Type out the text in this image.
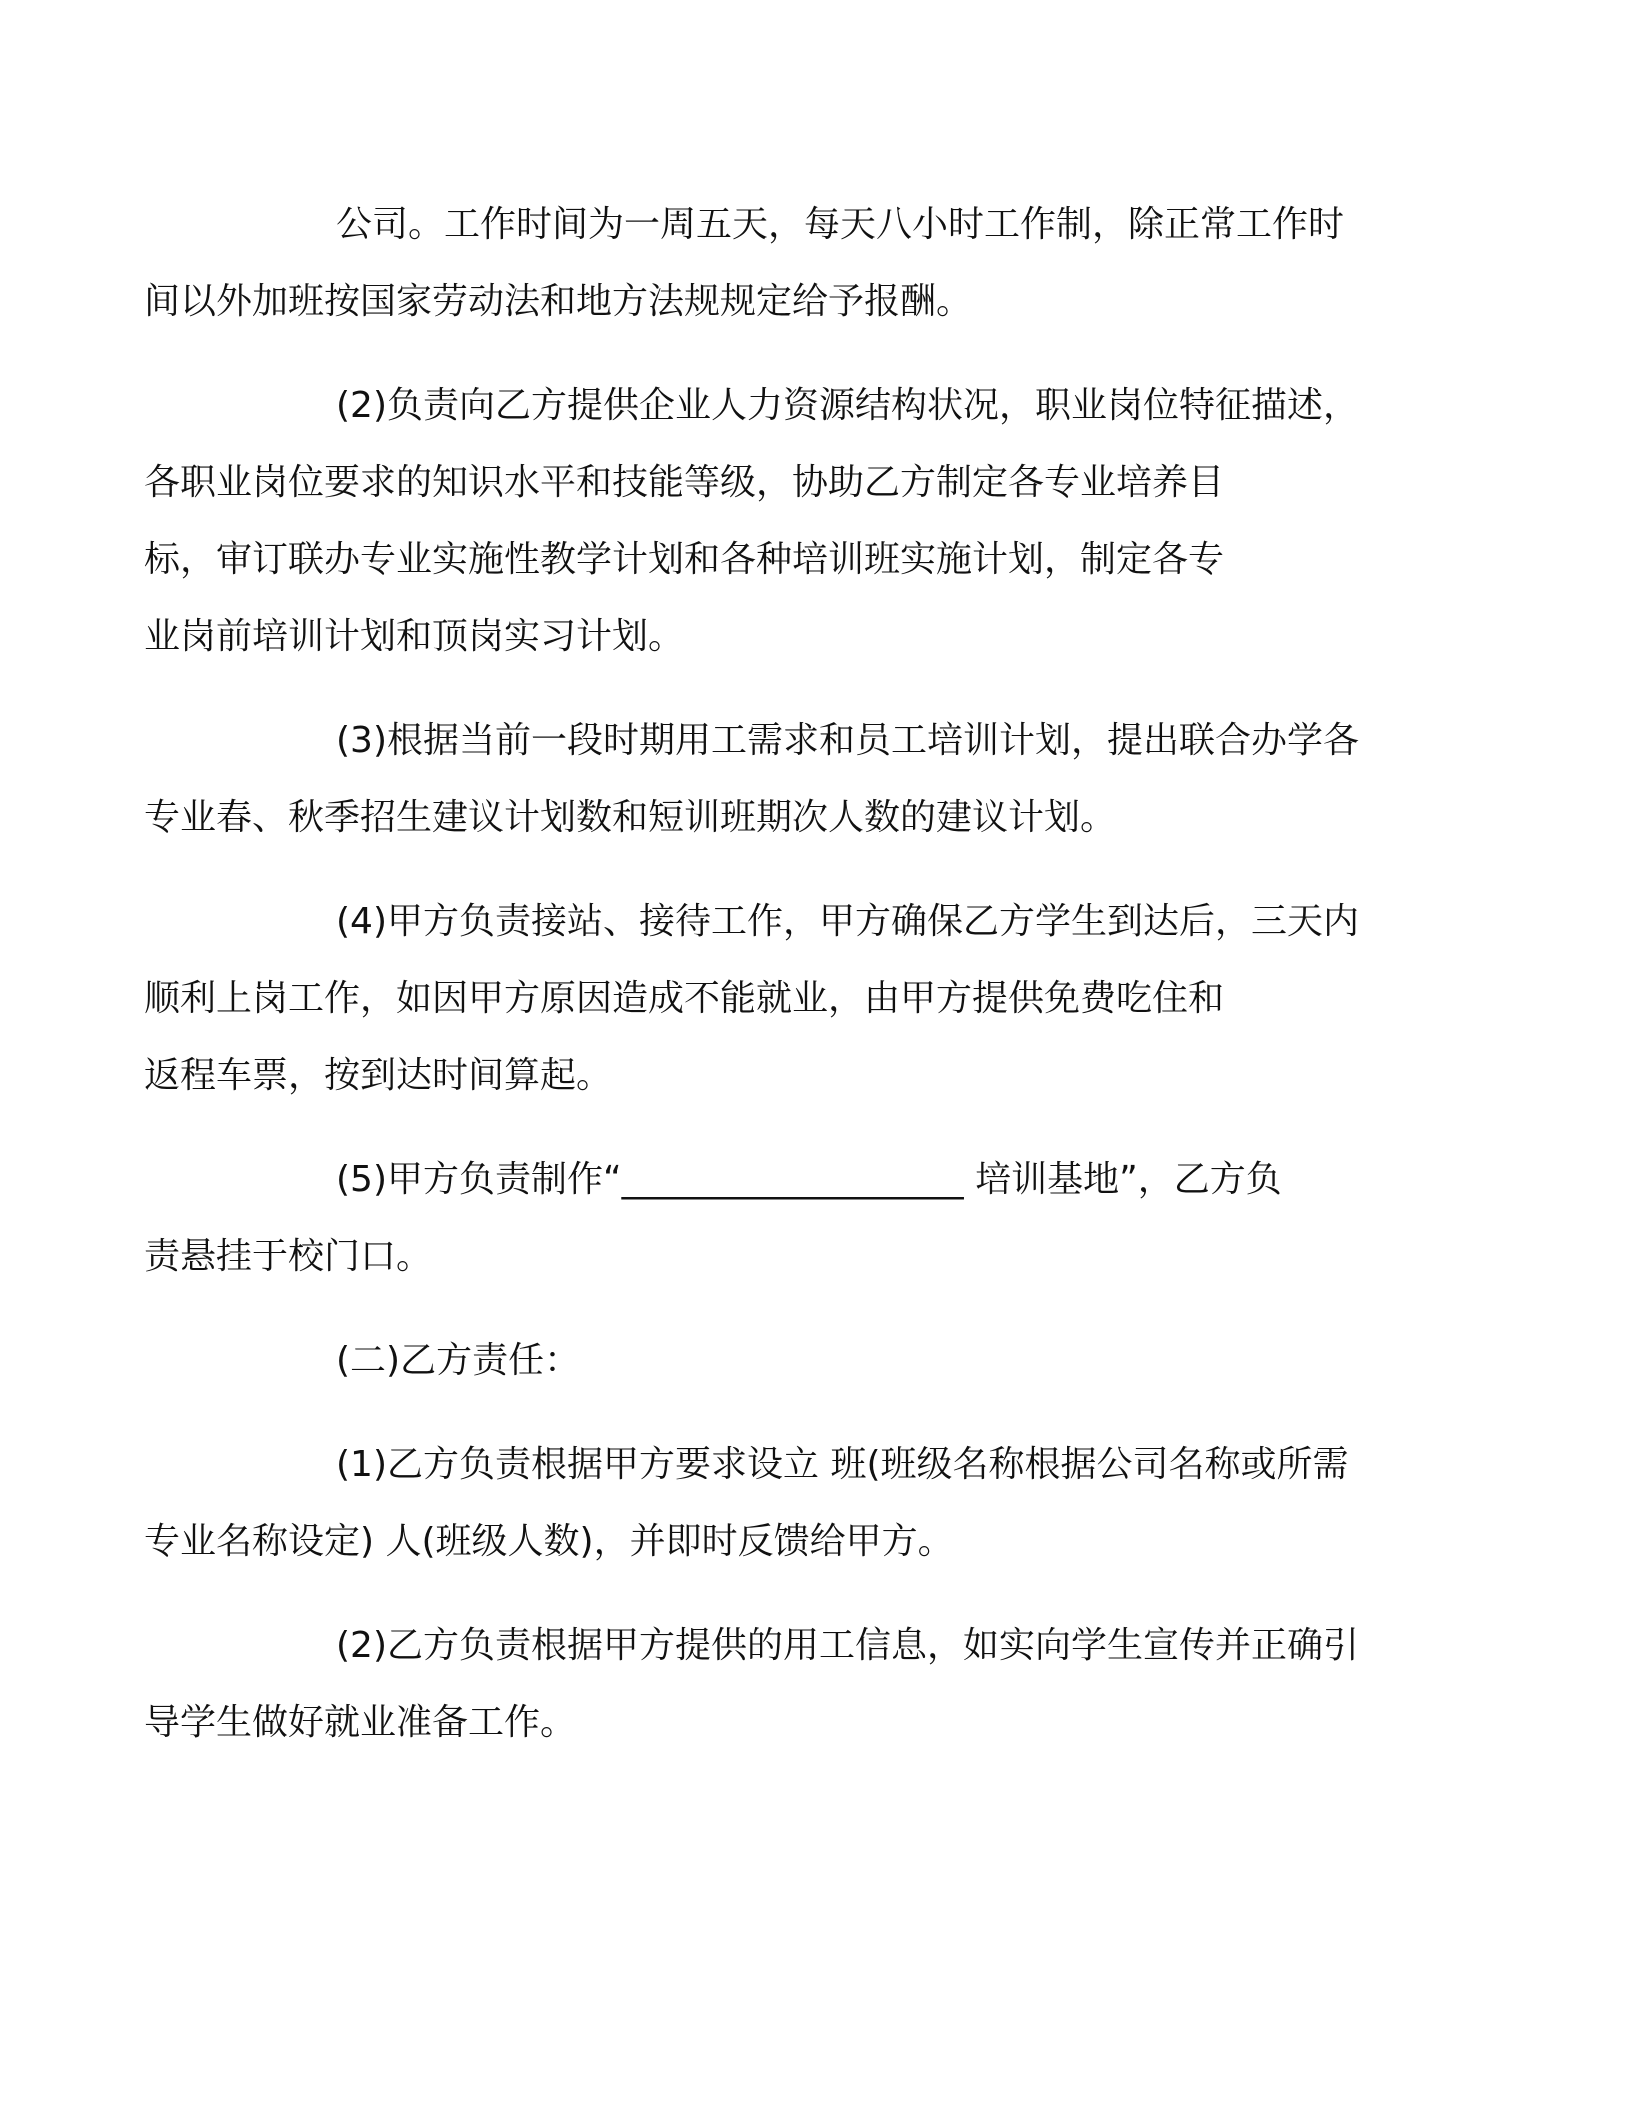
公司。工作时间为一周五天，每天八小时工作制，除正常工作时
间以外加班按国家劳动法和地方法规规定给予报酬。

(2)负责向乙方提供企业人力资源结构状况，职业岗位特征描述，
各职业岗位要求的知识水平和技能等级，协助乙方制定各专业培养目
标，审订联办专业实施性教学计划和各种培训班实施计划，制定各专
业岗前培训计划和顶岗实习计划。

(3)根据当前一段时期用工需求和员工培训计划，提出联合办学各
专业春、秋季招生建议计划数和短训班期次人数的建议计划。

(4)甲方负责接站、接待工作，甲方确保乙方学生到达后，三天内
顺利上岗工作，如因甲方原因造成不能就业，由甲方提供免费吃住和
返程车票，按到达时间算起。

(5)甲方负责制作“___________________ 培训基地”，乙方负
责悬挂于校门口。

(二)乙方责任：

(1)乙方负责根据甲方要求设立 班(班级名称根据公司名称或所需
专业名称设定) 人(班级人数)，并即时反馈给甲方。

(2)乙方负责根据甲方提供的用工信息，如实向学生宣传并正确引
导学生做好就业准备工作。
